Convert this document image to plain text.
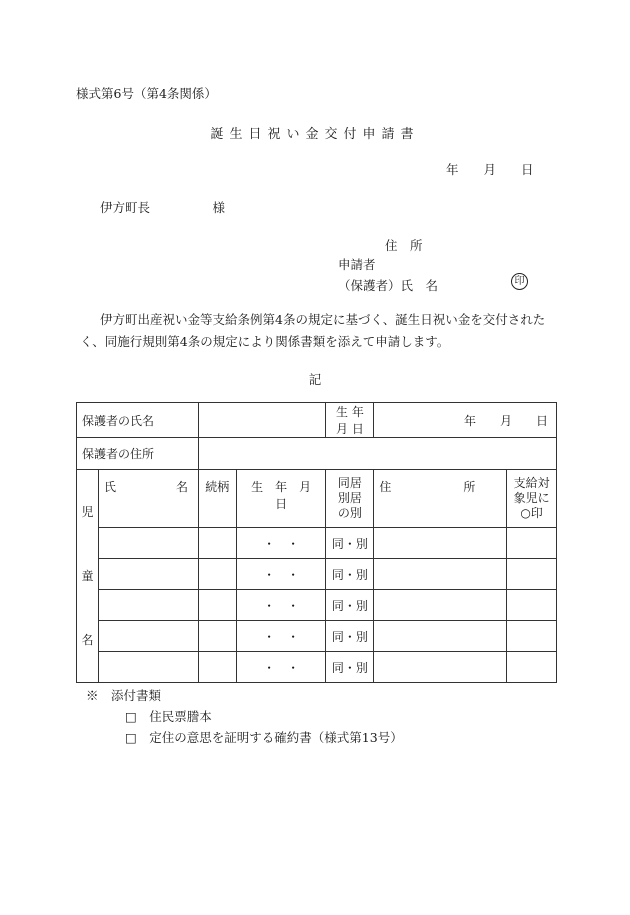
様式第6号（第4条関係）
誕生日祝い金交付申請書
年　　月　　日
伊方町長　　　　　様
住　所
申請者
（保護者）氏　名	印
伊方町出産祝い金等支給条例第4条の規定に基づく、誕生日祝い金を交付されたく、同施行規則第4条の規定により関係書類を添えて申請します。
記
保護者の氏名				生 年 月 日	年　　月　　日	
保護者の住所						
児童名	氏　　　　　名	続柄	生　年　月　日	同居別居の別	住　　　　　　所	支給対象児に○印
			・　・	同・別		
			・　・	同・別		
			・　・	同・別		
			・　・	同・別		
			・　・	同・別		
※　添付書類
□　住民票謄本
□　定住の意思を証明する確約書（様式第13号）
